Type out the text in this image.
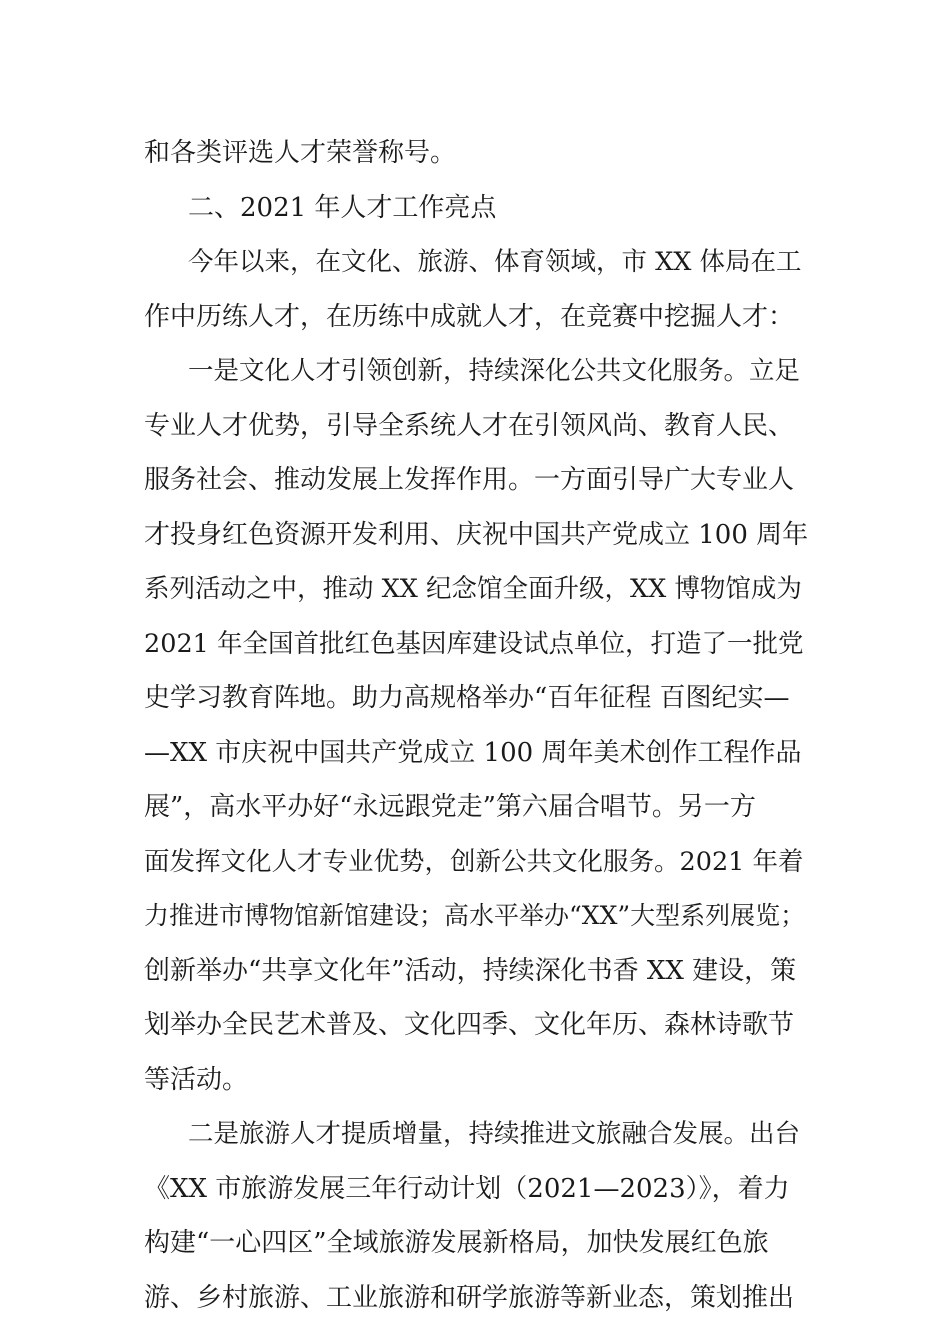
和各类评选人才荣誉称号。
二、2021 年人才工作亮点
今年以来，在文化、旅游、体育领域，市 XX 体局在工
作中历练人才，在历练中成就人才，在竞赛中挖掘人才：
一是文化人才引领创新，持续深化公共文化服务。立足
专业人才优势，引导全系统人才在引领风尚、教育人民、
服务社会、推动发展上发挥作用。一方面引导广大专业人
才投身红色资源开发利用、庆祝中国共产党成立 100 周年
系列活动之中，推动 XX 纪念馆全面升级，XX 博物馆成为
2021 年全国首批红色基因库建设试点单位，打造了一批党
史学习教育阵地。助力高规格举办“百年征程 百图纪实—
—XX 市庆祝中国共产党成立 100 周年美术创作工程作品
展”，高水平办好“永远跟党走”第六届合唱节。另一方
面发挥文化人才专业优势，创新公共文化服务。2021 年着
力推进市博物馆新馆建设；高水平举办“XX”大型系列展览；
创新举办“共享文化年”活动，持续深化书香 XX 建设，策
划举办全民艺术普及、文化四季、文化年历、森林诗歌节
等活动。
二是旅游人才提质增量，持续推进文旅融合发展。出台
《XX 市旅游发展三年行动计划（2021—2023）》，着力
构建“一心四区”全域旅游发展新格局，加快发展红色旅
游、乡村旅游、工业旅游和研学旅游等新业态，策划推出
